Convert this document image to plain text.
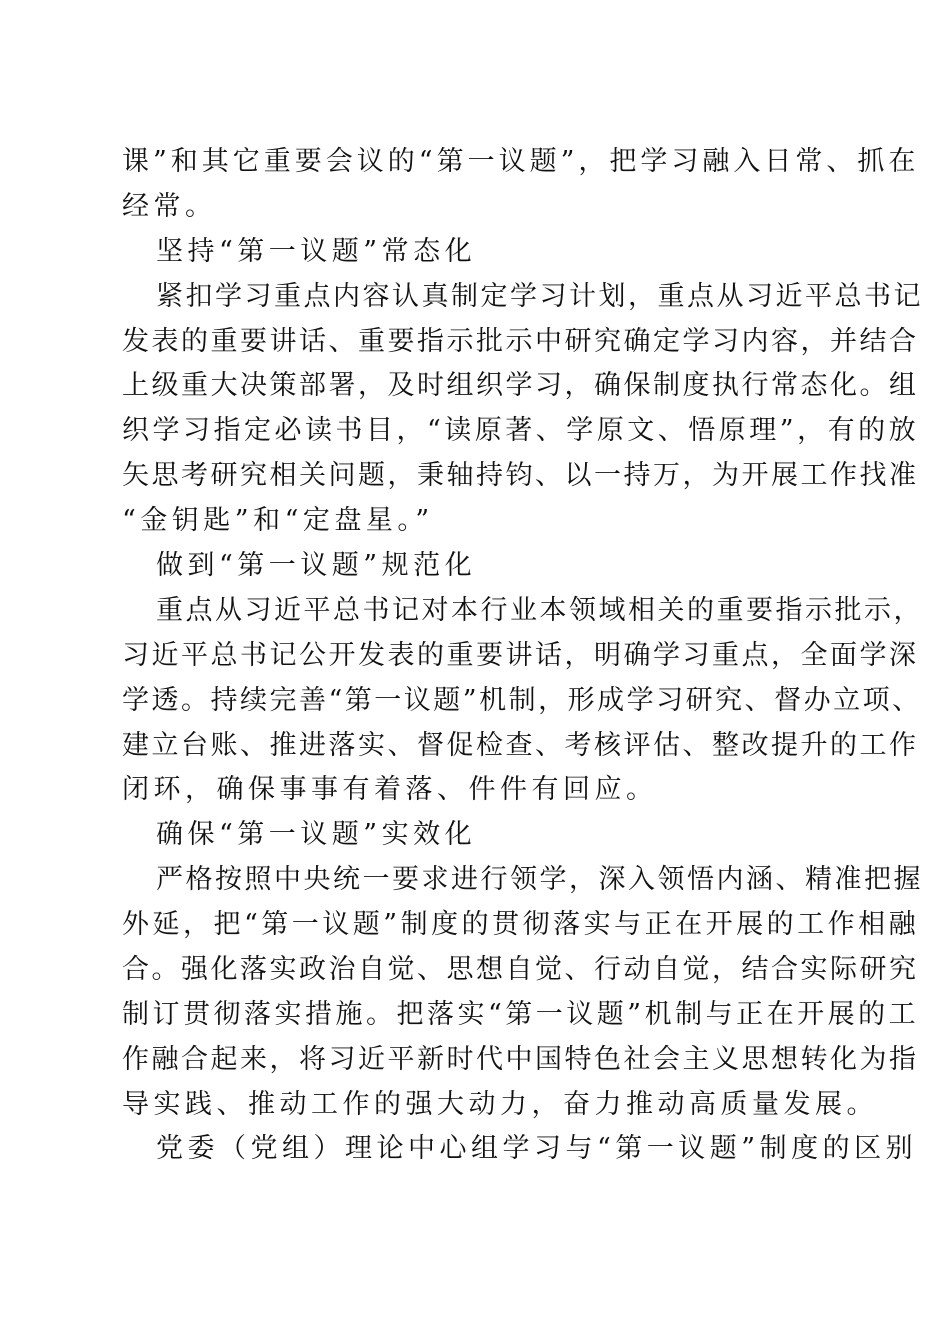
课”和其它重要会议的“第一议题”，把学习融入日常、抓在
经常。
坚持“第一议题”常态化
紧扣学习重点内容认真制定学习计划，重点从习近平总书记
发表的重要讲话、重要指示批示中研究确定学习内容，并结合
上级重大决策部署，及时组织学习，确保制度执行常态化。组
织学习指定必读书目，“读原著、学原文、悟原理”，有的放
矢思考研究相关问题，秉轴持钧、以一持万，为开展工作找准
“金钥匙”和“定盘星。”
做到“第一议题”规范化
重点从习近平总书记对本行业本领域相关的重要指示批示，
习近平总书记公开发表的重要讲话，明确学习重点，全面学深
学透。持续完善“第一议题”机制，形成学习研究、督办立项、
建立台账、推进落实、督促检查、考核评估、整改提升的工作
闭环，确保事事有着落、件件有回应。
确保“第一议题”实效化
严格按照中央统一要求进行领学，深入领悟内涵、精准把握
外延，把“第一议题”制度的贯彻落实与正在开展的工作相融
合。强化落实政治自觉、思想自觉、行动自觉，结合实际研究
制订贯彻落实措施。把落实“第一议题”机制与正在开展的工
作融合起来，将习近平新时代中国特色社会主义思想转化为指
导实践、推动工作的强大动力，奋力推动高质量发展。
党委（党组）理论中心组学习与“第一议题”制度的区别
